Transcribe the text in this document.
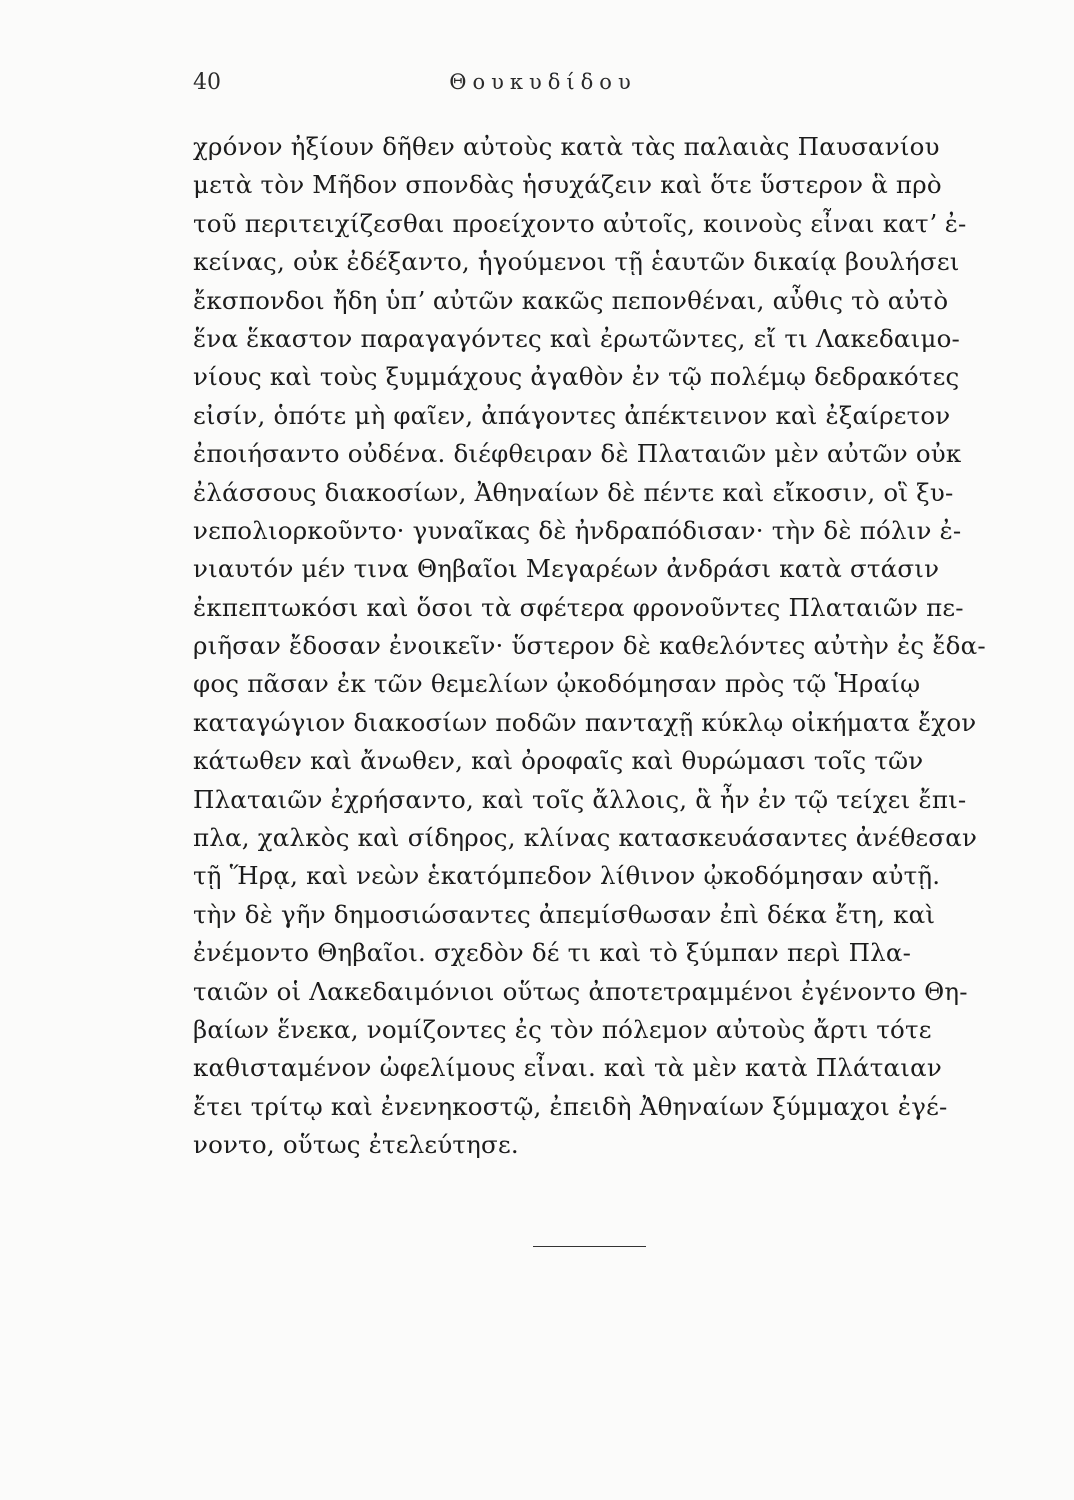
40	Θουκυδίδου
χρόνον ἠξίουν δῆθεν αὐτοὺς κατὰ τὰς παλαιὰς Παυσανίου
μετὰ τὸν Μῆδον σπονδὰς ἡσυχάζειν καὶ ὅτε ὕστερον ἃ πρὸ
τοῦ περιτειχίζεσθαι προείχοντο αὐτοῖς, κοινοὺς εἶναι κατʼ ἐ-
κείνας, οὐκ ἐδέξαντο, ἡγούμενοι τῇ ἑαυτῶν δικαίᾳ βουλήσει
ἔκσπονδοι ἤδη ὑπʼ αὐτῶν κακῶς πεπονθέναι, αὖθις τὸ αὐτὸ
ἕνα ἕκαστον παραγαγόντες καὶ ἐρωτῶντες, εἴ τι Λακεδαιμο-
νίους καὶ τοὺς ξυμμάχους ἀγαθὸν ἐν τῷ πολέμῳ δεδρακότες
εἰσίν, ὁπότε μὴ φαῖεν, ἀπάγοντες ἀπέκτεινον καὶ ἐξαίρετον
ἐποιήσαντο οὐδένα. διέφθειραν δὲ Πλαταιῶν μὲν αὐτῶν οὐκ
ἐλάσσους διακοσίων, Ἀθηναίων δὲ πέντε καὶ εἴκοσιν, οἳ ξυ-
νεπολιορκοῦντο· γυναῖκας δὲ ἠνδραπόδισαν· τὴν δὲ πόλιν ἐ-
νιαυτόν μέν τινα Θηβαῖοι Μεγαρέων ἀνδράσι κατὰ στάσιν
ἐκπεπτωκόσι καὶ ὅσοι τὰ σφέτερα φρονοῦντες Πλαταιῶν πε-
ριῆσαν ἔδοσαν ἐνοικεῖν· ὕστερον δὲ καθελόντες αὐτὴν ἐς ἔδα-
φος πᾶσαν ἐκ τῶν θεμελίων ᾠκοδόμησαν πρὸς τῷ Ἡραίῳ
καταγώγιον διακοσίων ποδῶν πανταχῇ κύκλῳ οἰκήματα ἔχον
κάτωθεν καὶ ἄνωθεν, καὶ ὀροφαῖς καὶ θυρώμασι τοῖς τῶν
Πλαταιῶν ἐχρήσαντο, καὶ τοῖς ἄλλοις, ἃ ἦν ἐν τῷ τείχει ἔπι-
πλα, χαλκὸς καὶ σίδηρος, κλίνας κατασκευάσαντες ἀνέθεσαν
τῇ Ἥρᾳ, καὶ νεὼν ἑκατόμπεδον λίθινον ᾠκοδόμησαν αὐτῇ.
τὴν δὲ γῆν δημοσιώσαντες ἀπεμίσθωσαν ἐπὶ δέκα ἔτη, καὶ
ἐνέμοντο Θηβαῖοι. σχεδὸν δέ τι καὶ τὸ ξύμπαν περὶ Πλα-
ταιῶν οἱ Λακεδαιμόνιοι οὕτως ἀποτετραμμένοι ἐγένοντο Θη-
βαίων ἕνεκα, νομίζοντες ἐς τὸν πόλεμον αὐτοὺς ἄρτι τότε
καθισταμένον ὠφελίμους εἶναι. καὶ τὰ μὲν κατὰ Πλάταιαν
ἔτει τρίτῳ καὶ ἐνενηκοστῷ, ἐπειδὴ Ἀθηναίων ξύμμαχοι ἐγέ-
νοντο, οὕτως ἐτελεύτησε.
